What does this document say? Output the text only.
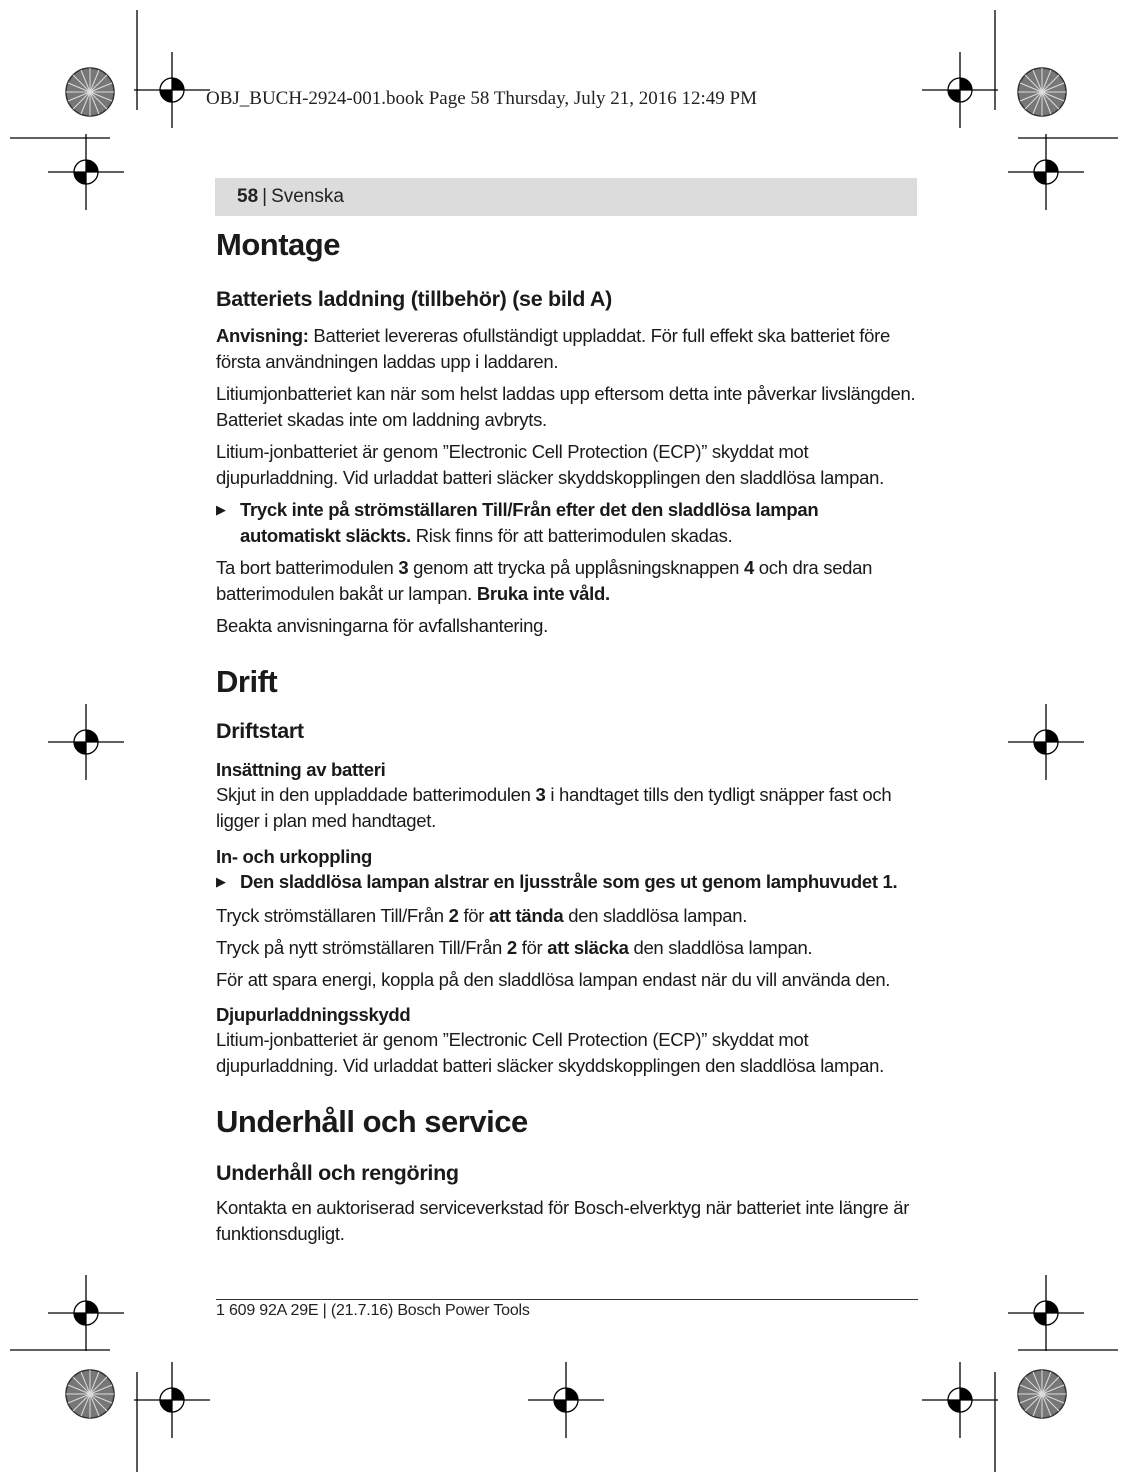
OBJ_BUCH-2924-001.book Page 58 Thursday, July 21, 2016 12:49 PM
58 | Svenska
Montage
Batteriets laddning (tillbehör) (se bild A)

Anvisning: Batteriet levereras ofullständigt uppladdat. För full effekt ska batteriet före första användningen laddas upp i laddaren.

Litiumjonbatteriet kan när som helst laddas upp eftersom detta inte påverkar livslängden. Batteriet skadas inte om laddning avbryts.

Litium-jonbatteriet är genom ”Electronic Cell Protection (ECP)” skyddat mot djupurladdning. Vid urladdat batteri släcker skyddskopplingen den sladdlösa lampan.

▶ Tryck inte på strömställaren Till/Från efter det den sladdlösa lampan automatiskt släckts. Risk finns för att batterimodulen skadas.

Ta bort batterimodulen 3 genom att trycka på upplåsningsknappen 4 och dra sedan batterimodulen bakåt ur lampan. Bruka inte våld.

Beakta anvisningarna för avfallshantering.

Drift
Driftstart
Insättning av batteri

Skjut in den uppladdade batterimodulen 3 i handtaget tills den tydligt snäpper fast och ligger i plan med handtaget.

In- och urkoppling
▶ Den sladdlösa lampan alstrar en ljusstråle som ges ut genom lamphuvudet 1.

Tryck strömställaren Till/Från 2 för att tända den sladdlösa lampan.

Tryck på nytt strömställaren Till/Från 2 för att släcka den sladdlösa lampan.

För att spara energi, koppla på den sladdlösa lampan endast när du vill använda den.

Djupurladdningsskydd

Litium-jonbatteriet är genom ”Electronic Cell Protection (ECP)” skyddat mot djupurladdning. Vid urladdat batteri släcker skyddskopplingen den sladdlösa lampan.

Underhåll och service
Underhåll och rengöring

Kontakta en auktoriserad serviceverkstad för Bosch-elverktyg när batteriet inte längre är funktionsdugligt.

1 609 92A 29E | (21.7.16) Bosch Power Tools
